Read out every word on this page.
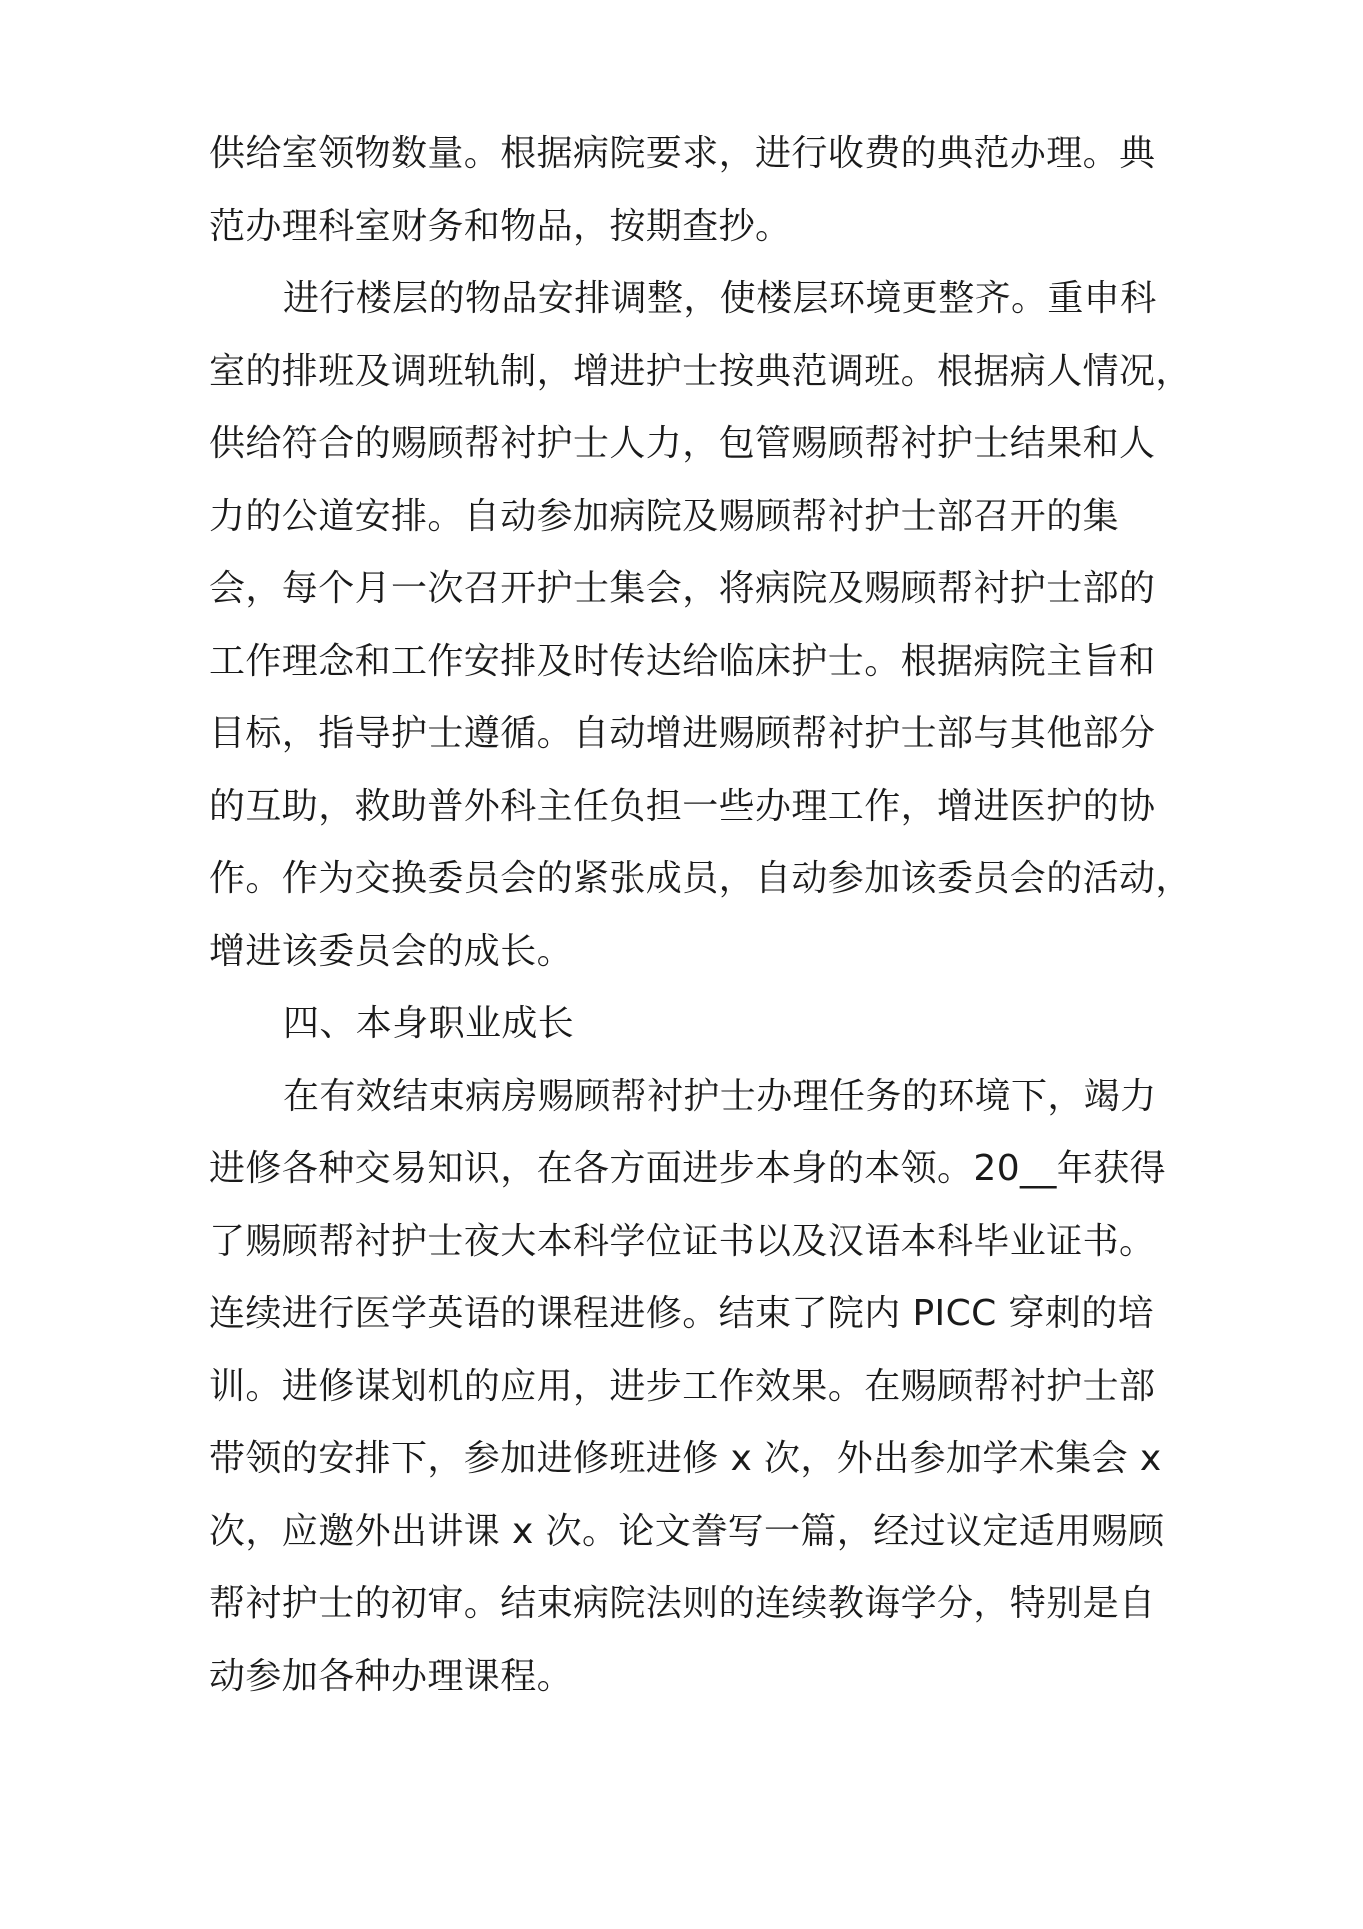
供给室领物数量。根据病院要求，进行收费的典范办理。典
范办理科室财务和物品，按期查抄。
进行楼层的物品安排调整，使楼层环境更整齐。重申科
室的排班及调班轨制，增进护士按典范调班。根据病人情况，
供给符合的赐顾帮衬护士人力，包管赐顾帮衬护士结果和人
力的公道安排。自动参加病院及赐顾帮衬护士部召开的集
会，每个月一次召开护士集会，将病院及赐顾帮衬护士部的
工作理念和工作安排及时传达给临床护士。根据病院主旨和
目标，指导护士遵循。自动增进赐顾帮衬护士部与其他部分
的互助，救助普外科主任负担一些办理工作，增进医护的协
作。作为交换委员会的紧张成员，自动参加该委员会的活动，
增进该委员会的成长。
四、本身职业成长
在有效结束病房赐顾帮衬护士办理任务的环境下，竭力
进修各种交易知识，在各方面进步本身的本领。20__年获得
了赐顾帮衬护士夜大本科学位证书以及汉语本科毕业证书。
连续进行医学英语的课程进修。结束了院内 PICC 穿刺的培
训。进修谋划机的应用，进步工作效果。在赐顾帮衬护士部
带领的安排下，参加进修班进修 x 次，外出参加学术集会 x
次，应邀外出讲课 x 次。论文誊写一篇，经过议定适用赐顾
帮衬护士的初审。结束病院法则的连续教诲学分，特别是自
动参加各种办理课程。
